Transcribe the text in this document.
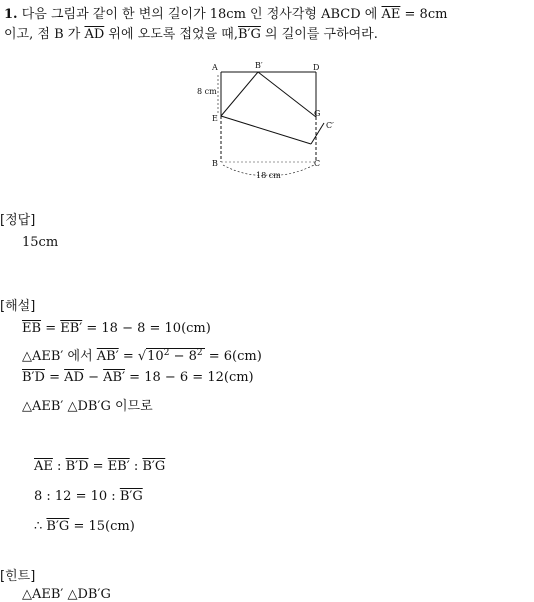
1. 다음 그림과 같이 한 변의 길이가 18cm 인 정사각형 ABCD 에 $\overline{AE} = 8cm$
이고, 점 B 가 $\overline{AD}$ 위에 오도록 접었을 때,B′G 의 길이를 구하여라.
A	B′	D
E
G
C′
B	C
8 cm
18 cm
[정답]
15cm
[해설]
$\overline{EB} = EB' = 18 - 8 = 10(cm)$
△AEB′ 에서 $AB' = √10^2 - 8^2 = 6(cm)$
$B'D = \overline{AD} - AB' = 18 - 6 = 12(cm)$
△AEB′ △DB′G 이므로
$\overline{AE}$ : B′D = EB′ : B′G
8 : 12 = 10 : B′G
∴ B′G = 15(cm)
[힌트]
△AEB′ △DB′G
